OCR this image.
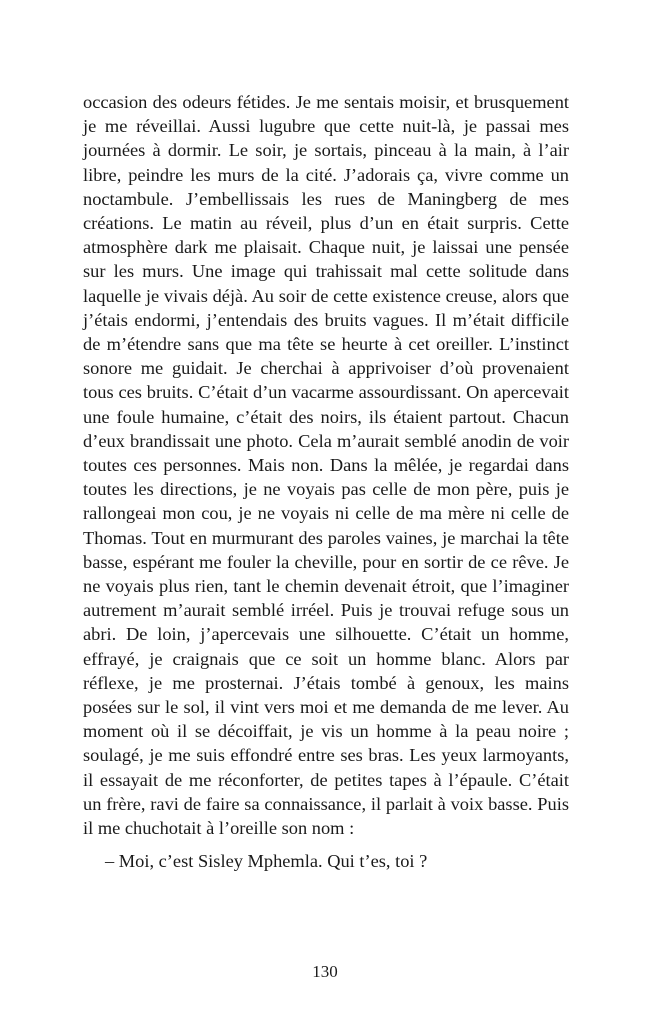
occasion des odeurs fétides. Je me sentais moisir, et brusquement je me réveillai. Aussi lugubre que cette nuit-là, je passai mes journées à dormir. Le soir, je sortais, pinceau à la main, à l’air libre, peindre les murs de la cité. J’adorais ça, vivre comme un noctambule. J’embellissais les rues de Maningberg de mes créations. Le matin au réveil, plus d’un en était surpris. Cette atmosphère dark me plaisait. Chaque nuit, je laissai une pensée sur les murs. Une image qui trahissait mal cette solitude dans laquelle je vivais déjà. Au soir de cette existence creuse, alors que j’étais endormi, j’entendais des bruits vagues. Il m’était difficile de m’étendre sans que ma tête se heurte à cet oreiller. L’instinct sonore me guidait. Je cherchai à apprivoiser d’où provenaient tous ces bruits. C’était d’un vacarme assourdissant. On apercevait une foule humaine, c’était des noirs, ils étaient partout. Chacun d’eux brandissait une photo. Cela m’aurait semblé anodin de voir toutes ces personnes. Mais non. Dans la mêlée, je regardai dans toutes les directions, je ne voyais pas celle de mon père, puis je rallongeai mon cou, je ne voyais ni celle de ma mère ni celle de Thomas. Tout en murmurant des paroles vaines, je marchai la tête basse, espérant me fouler la cheville, pour en sortir de ce rêve. Je ne voyais plus rien, tant le chemin devenait étroit, que l’imaginer autrement m’aurait semblé irréel. Puis je trouvai refuge sous un abri. De loin, j’apercevais une silhouette. C’était un homme, effrayé, je craignais que ce soit un homme blanc. Alors par réflexe, je me prosternai. J’étais tombé à genoux, les mains posées sur le sol, il vint vers moi et me demanda de me lever. Au moment où il se décoiffait, je vis un homme à la peau noire ; soulagé, je me suis effondré entre ses bras. Les yeux larmoyants, il essayait de me réconforter, de petites tapes à l’épaule. C’était un frère, ravi de faire sa connaissance, il parlait à voix basse. Puis il me chuchotait à l’oreille son nom :

– Moi, c’est Sisley Mphemla. Qui t’es, toi ?

130
